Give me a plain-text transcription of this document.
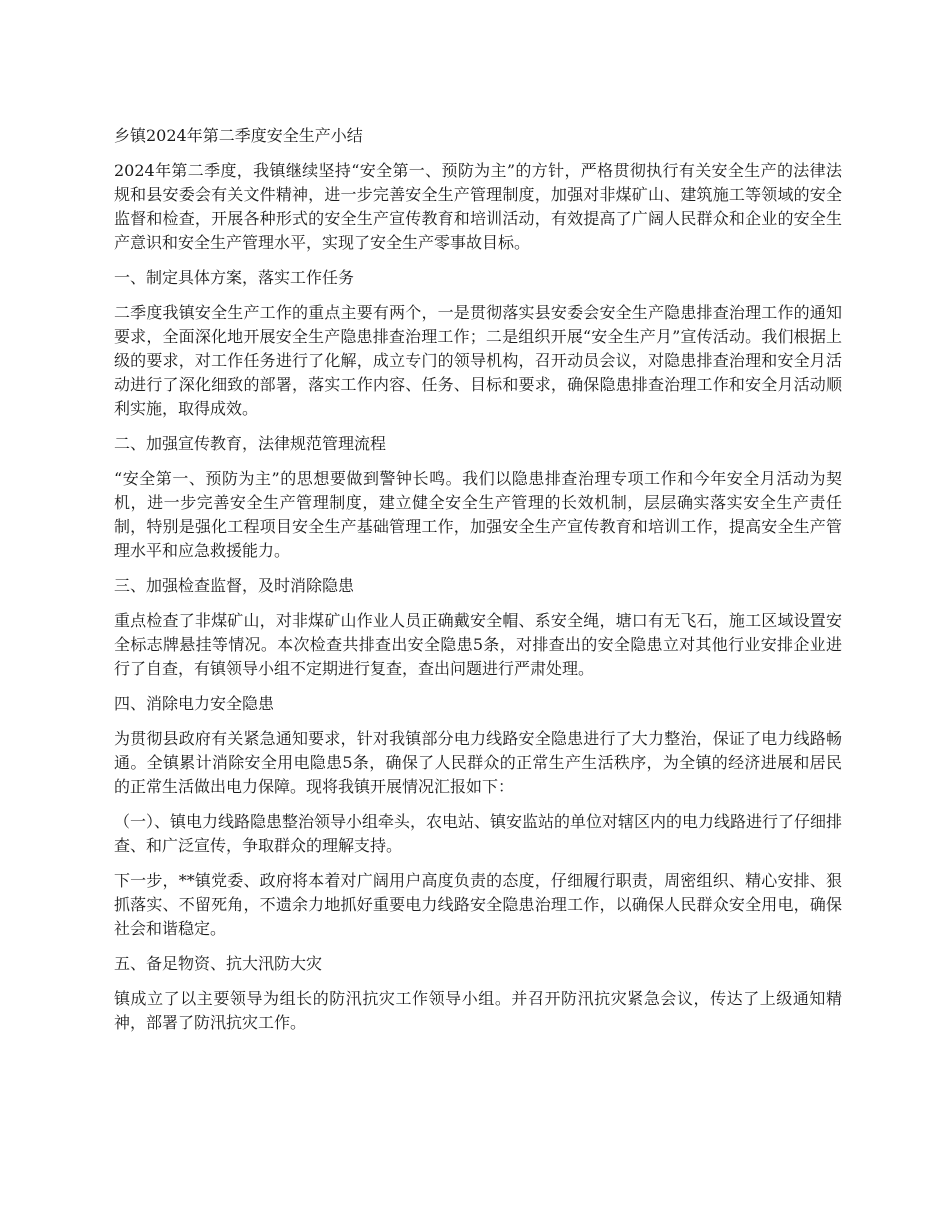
乡镇2024年第二季度安全生产小结
2024年第二季度，我镇继续坚持“安全第一、预防为主”的方针，严格贯彻执行有关安全生产的法律法规和县安委会有关文件精神，进一步完善安全生产管理制度，加强对非煤矿山、建筑施工等领域的安全监督和检查，开展各种形式的安全生产宣传教育和培训活动，有效提高了广阔人民群众和企业的安全生产意识和安全生产管理水平，实现了安全生产零事故目标。
一、制定具体方案，落实工作任务
二季度我镇安全生产工作的重点主要有两个，一是贯彻落实县安委会安全生产隐患排查治理工作的通知要求，全面深化地开展安全生产隐患排查治理工作；二是组织开展“安全生产月”宣传活动。我们根据上级的要求，对工作任务进行了化解，成立专门的领导机构，召开动员会议，对隐患排查治理和安全月活动进行了深化细致的部署，落实工作内容、任务、目标和要求，确保隐患排查治理工作和安全月活动顺利实施，取得成效。
二、加强宣传教育，法律规范管理流程
“安全第一、预防为主”的思想要做到警钟长鸣。我们以隐患排查治理专项工作和今年安全月活动为契机，进一步完善安全生产管理制度，建立健全安全生产管理的长效机制，层层确实落实安全生产责任制，特别是强化工程项目安全生产基础管理工作，加强安全生产宣传教育和培训工作，提高安全生产管理水平和应急救援能力。
三、加强检查监督，及时消除隐患
重点检查了非煤矿山，对非煤矿山作业人员正确戴安全帽、系安全绳，塘口有无飞石，施工区域设置安全标志牌悬挂等情况。本次检查共排查出安全隐患5条，对排查出的安全隐患立对其他行业安排企业进行了自查，有镇领导小组不定期进行复查，查出问题进行严肃处理。
四、消除电力安全隐患
为贯彻县政府有关紧急通知要求，针对我镇部分电力线路安全隐患进行了大力整治，保证了电力线路畅通。全镇累计消除安全用电隐患5条，确保了人民群众的正常生产生活秩序，为全镇的经济进展和居民的正常生活做出电力保障。现将我镇开展情况汇报如下：
（一）、镇电力线路隐患整治领导小组牵头，农电站、镇安监站的单位对辖区内的电力线路进行了仔细排查、和广泛宣传，争取群众的理解支持。
下一步，**镇党委、政府将本着对广阔用户高度负责的态度，仔细履行职责，周密组织、精心安排、狠抓落实、不留死角，不遗余力地抓好重要电力线路安全隐患治理工作，以确保人民群众安全用电，确保社会和谐稳定。
五、备足物资、抗大汛防大灾
镇成立了以主要领导为组长的防汛抗灾工作领导小组。并召开防汛抗灾紧急会议，传达了上级通知精神，部署了防汛抗灾工作。
